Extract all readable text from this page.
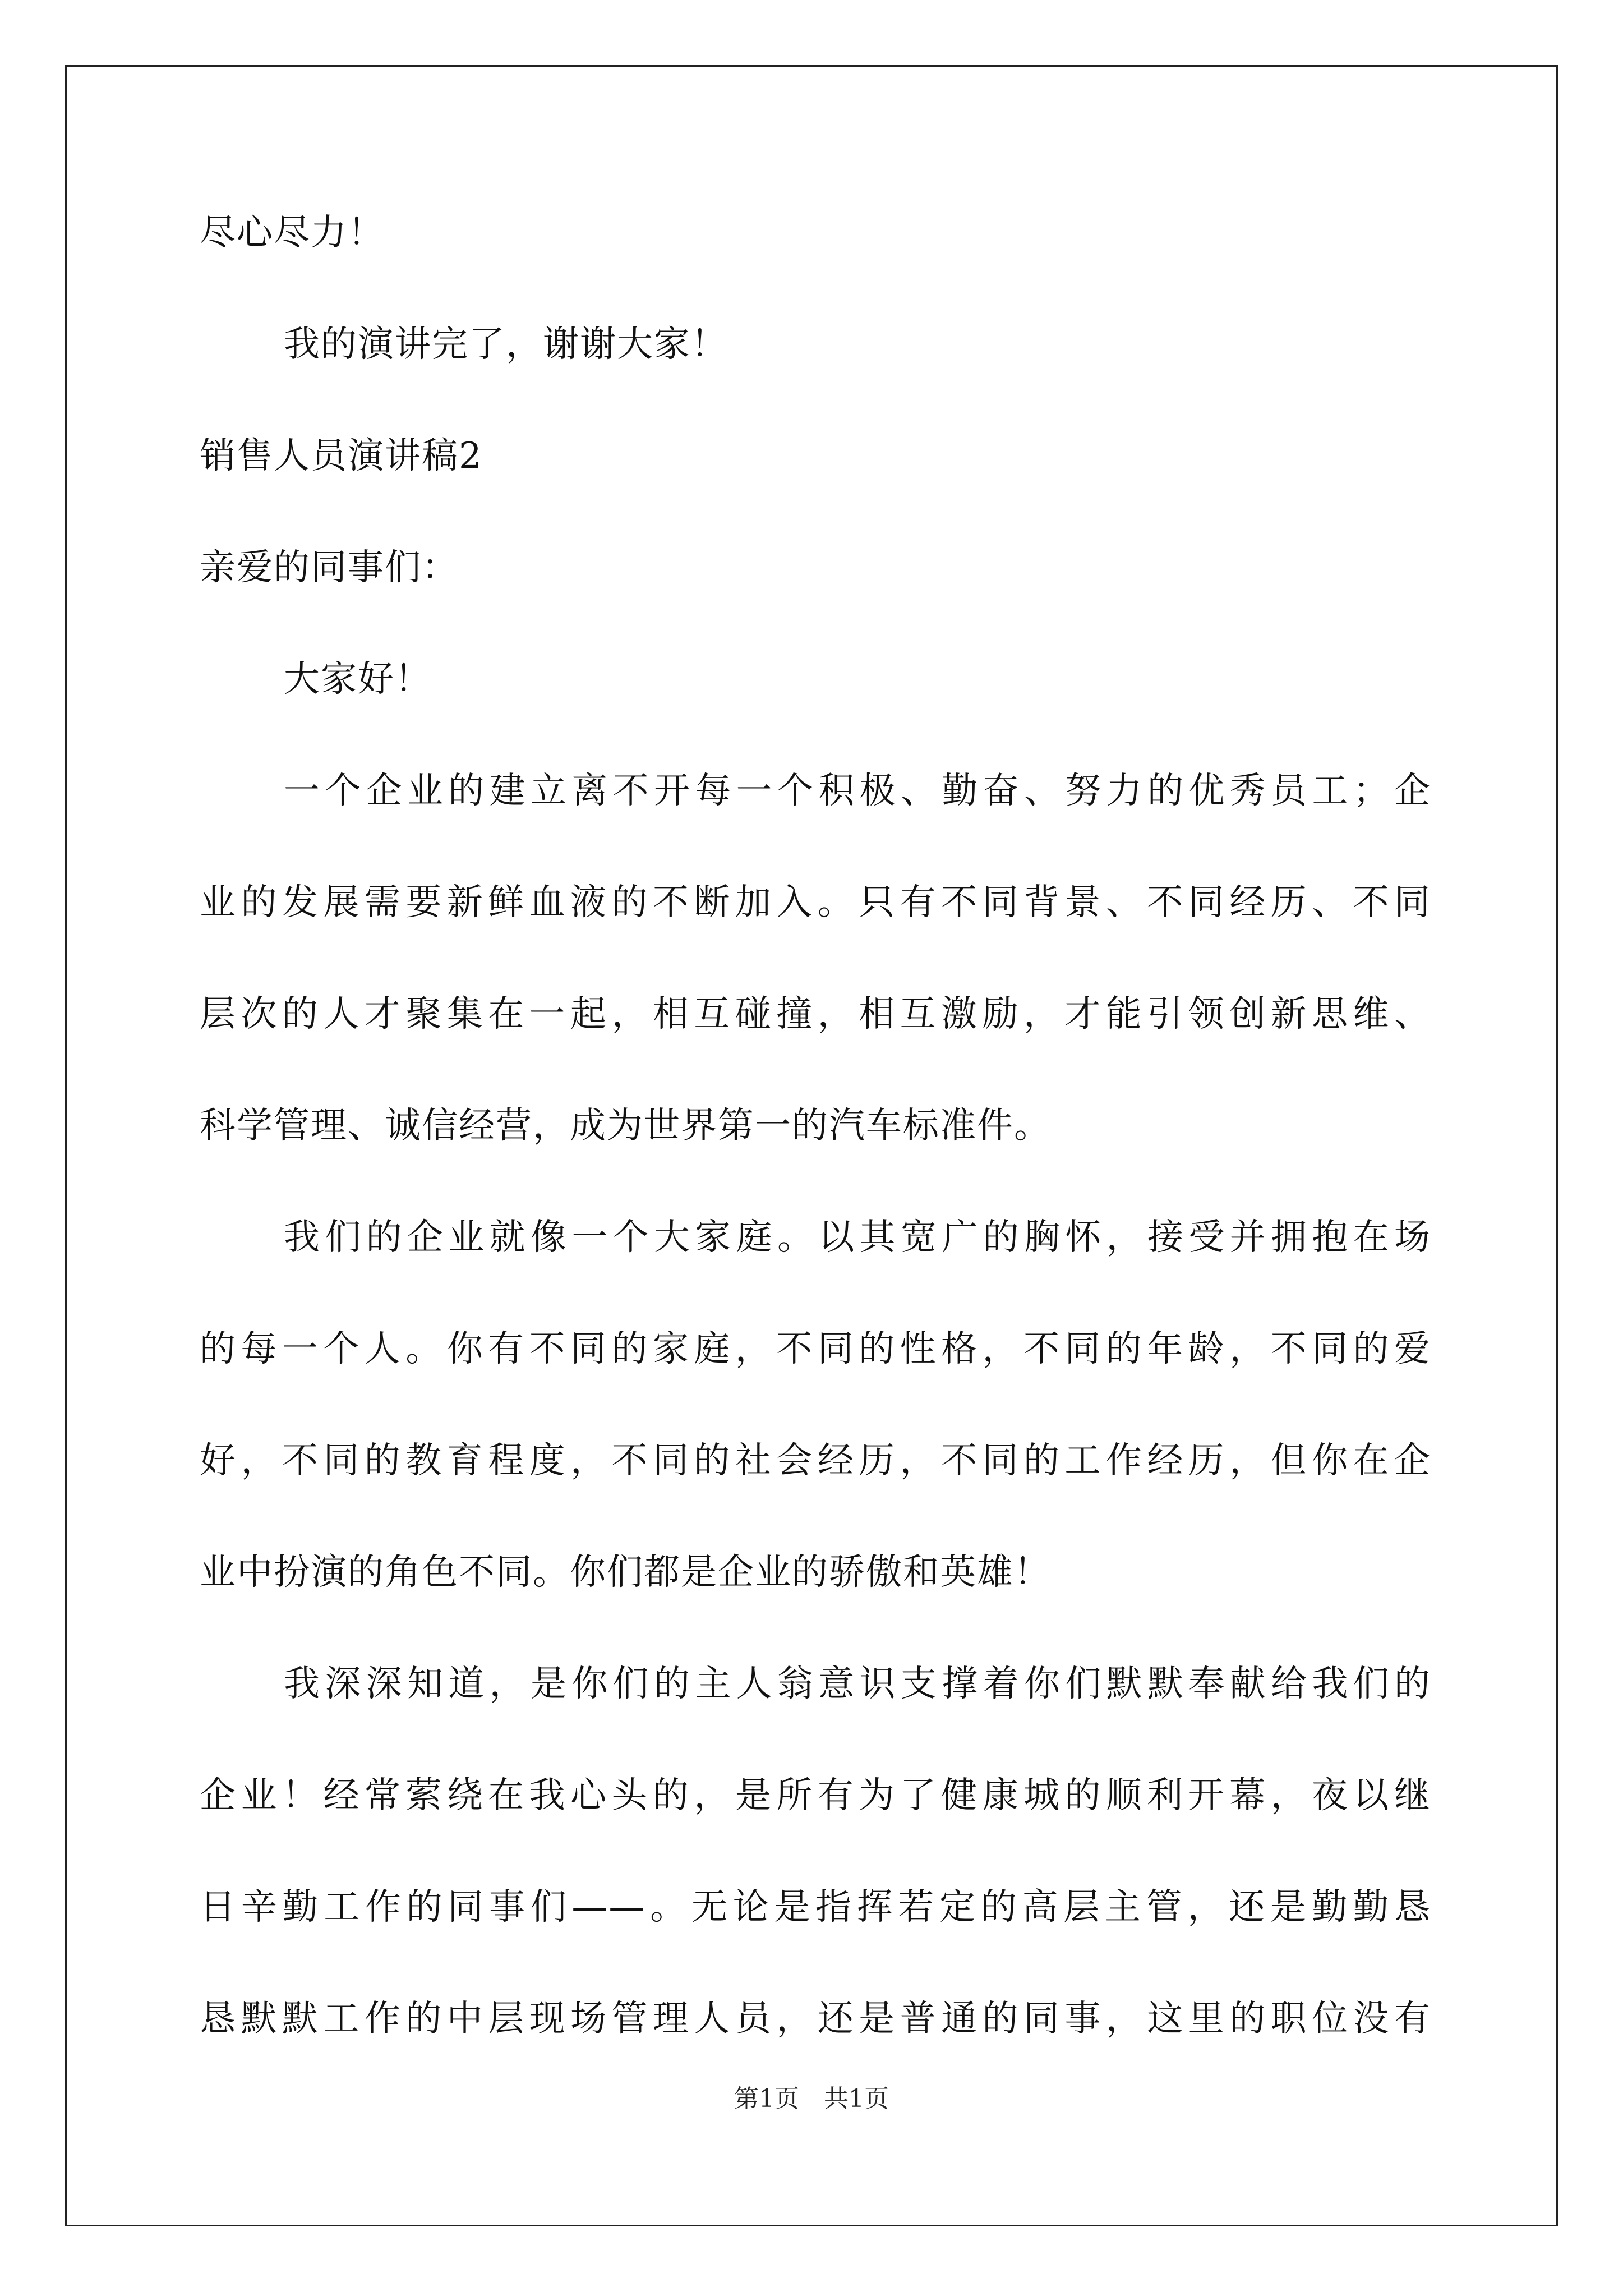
尽心尽力！
我的演讲完了，谢谢大家！
销售人员演讲稿2
亲爱的同事们：
大家好！
一个企业的建立离不开每一个积极、勤奋、努力的优秀员工；企
业的发展需要新鲜血液的不断加入。只有不同背景、不同经历、不同
层次的人才聚集在一起，相互碰撞，相互激励，才能引领创新思维、
科学管理、诚信经营，成为世界第一的汽车标准件。
我们的企业就像一个大家庭。以其宽广的胸怀，接受并拥抱在场
的每一个人。你有不同的家庭，不同的性格，不同的年龄，不同的爱
好，不同的教育程度，不同的社会经历，不同的工作经历，但你在企
业中扮演的角色不同。你们都是企业的骄傲和英雄！
我深深知道，是你们的主人翁意识支撑着你们默默奉献给我们的
企业！经常萦绕在我心头的，是所有为了健康城的顺利开幕，夜以继
日辛勤工作的同事们——。无论是指挥若定的高层主管，还是勤勤恳
恳默默工作的中层现场管理人员，还是普通的同事，这里的职位没有
第1页　共1页
